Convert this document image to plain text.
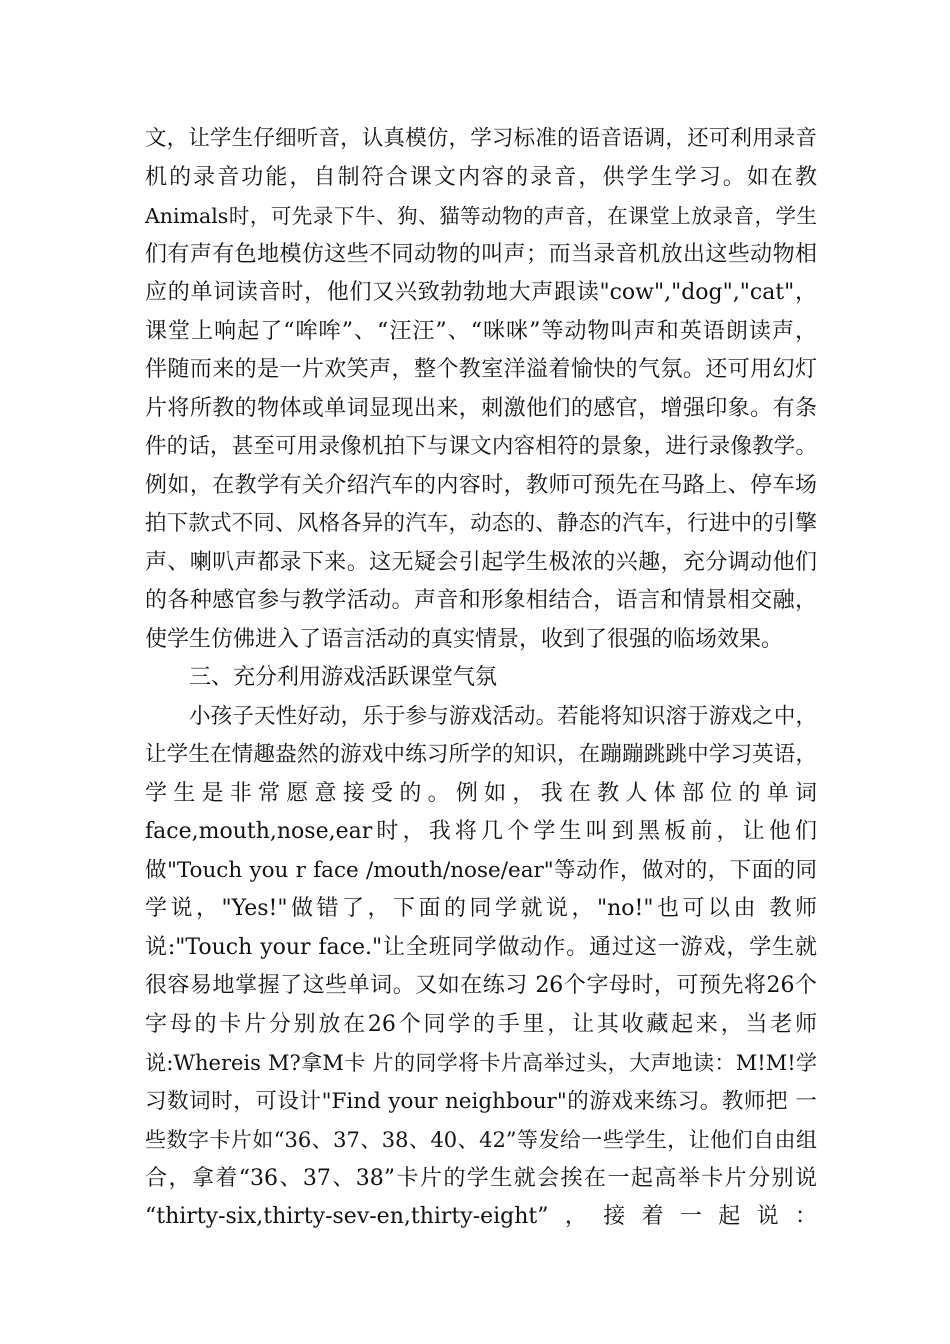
文，让学生仔细听音，认真模仿，学习标准的语音语调，还可利用录音
机的录音功能，自制符合课文内容的录音，供学生学习。如在教
Animals时，可先录下牛、狗、猫等动物的声音，在课堂上放录音，学生
们有声有色地模仿这些不同动物的叫声；而当录音机放出这些动物相
应的单词读音时，他们又兴致勃勃地大声跟读"cow","dog","cat"，
课堂上响起了“哞哞”、“汪汪”、“咪咪”等动物叫声和英语朗读声，
伴随而来的是一片欢笑声，整个教室洋溢着愉快的气氛。还可用幻灯
片将所教的物体或单词显现出来，刺激他们的感官，增强印象。有条
件的话，甚至可用录像机拍下与课文内容相符的景象，进行录像教学。
例如，在教学有关介绍汽车的内容时，教师可预先在马路上、停车场
拍下款式不同、风格各异的汽车，动态的、静态的汽车，行进中的引擎
声、喇叭声都录下来。这无疑会引起学生极浓的兴趣，充分调动他们
的各种感官参与教学活动。声音和形象相结合，语言和情景相交融，
使学生仿佛进入了语言活动的真实情景，收到了很强的临场效果。
三、充分利用游戏活跃课堂气氛
小孩子天性好动，乐于参与游戏活动。若能将知识溶于游戏之中，
让学生在情趣盎然的游戏中练习所学的知识，在蹦蹦跳跳中学习英语，
学生是非常愿意接受的。例如，我在教人体部位的单词
face,mouth,nose,ear时，我将几个学生叫到黑板前，让他们
做"Touch you r face /mouth/nose/ear"等动作，做对的，下面的同
学说，"Yes!"做错了，下面的同学就说，"no!"也可以由 教师
说:"Touch your face."让全班同学做动作。通过这一游戏，学生就
很容易地掌握了这些单词。又如在练习 26个字母时，可预先将26个
字母的卡片分别放在26个同学的手里，让其收藏起来，当老师
说:Whereis M?拿M卡 片的同学将卡片高举过头，大声地读：M!M!学
习数词时，可设计"Find your neighbour"的游戏来练习。教师把 一
些数字卡片如“36、37、38、40、42”等发给一些学生，让他们自由组
合，拿着“36、37、38”卡片的学生就会挨在一起高举卡片分别说
“thirty-six,thirty-sev-en,thirty-eight”，接着一起说：
